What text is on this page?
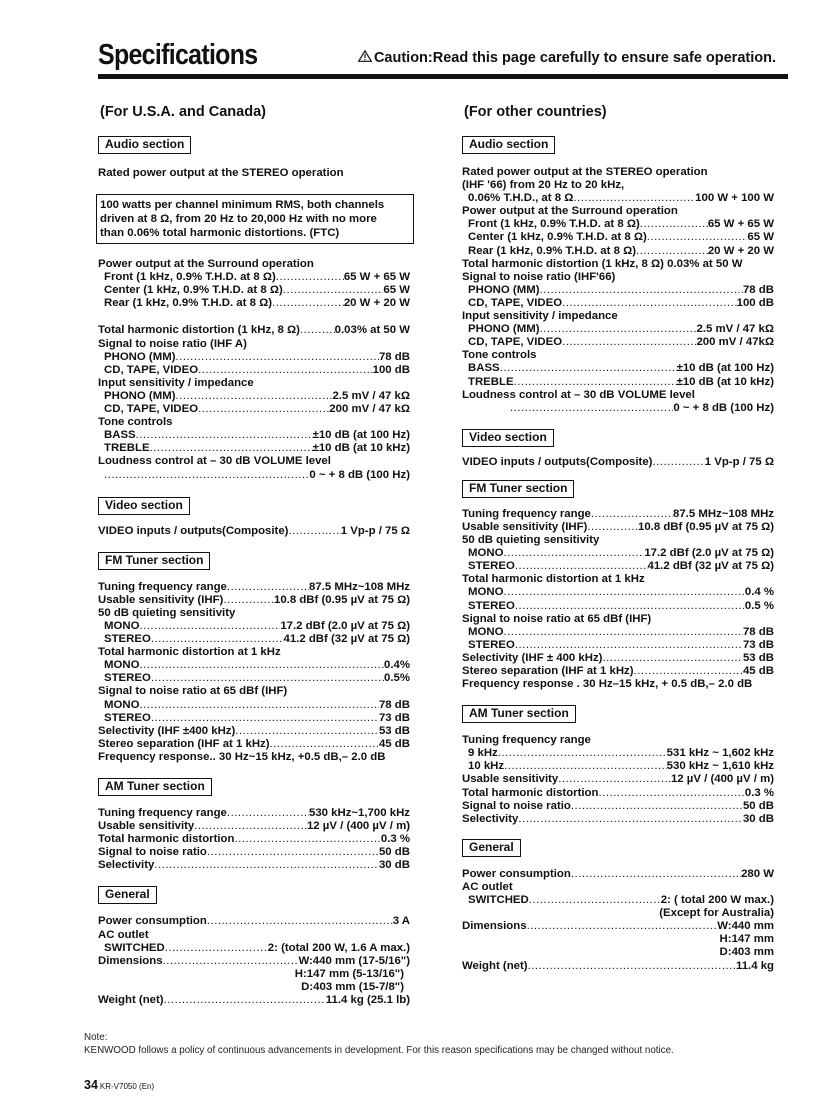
Specifications	Caution:Read this page carefully to ensure safe operation.
(For U.S.A. and Canada)
Audio section
Rated power output at the STEREO operation
100 watts per channel minimum RMS, both channels
driven at 8 Ω, from 20 Hz to 20,000 Hz with no more
than 0.06% total harmonic distortions. (FTC)
Power output at the Surround operation
Front (1 kHz, 0.9% T.H.D. at 8 Ω) .....	65 W + 65 W
Center (1 kHz, 0.9% T.H.D. at 8 Ω) .....	65 W
Rear (1 kHz, 0.9% T.H.D. at 8 Ω) .....	20 W + 20 W
Total harmonic distortion (1 kHz, 8 Ω) .....	0.03% at 50 W
Signal to noise ratio (IHF A)
PHONO (MM) .....	78 dB
CD, TAPE, VIDEO .....	100 dB
Input sensitivity / impedance
PHONO (MM) .....	2.5 mV / 47 kΩ
CD, TAPE, VIDEO .....	200 mV / 47 kΩ
Tone controls
BASS .....	±10 dB (at 100 Hz)
TREBLE .....	±10 dB (at 10 kHz)
Loudness control at – 30 dB VOLUME level
.....
0 ~ + 8 dB (100 Hz)
Video section
VIDEO inputs / outputs(Composite) .....	1 Vp-p / 75 Ω
FM Tuner section
Tuning frequency range .....	87.5 MHz~108 MHz
Usable sensitivity (IHF) .....	10.8 dBf (0.95 µV at 75 Ω)
50 dB quieting sensitivity
MONO .....	17.2 dBf (2.0 µV at 75 Ω)
STEREO .....	41.2 dBf (32 µV at 75 Ω)
Total harmonic distortion at 1 kHz
MONO .....	0.4%
STEREO .....	0.5%
Signal to noise ratio at 65 dBf (IHF)
MONO .....	78 dB
STEREO .....	73 dB
Selectivity (IHF ±400 kHz) .....	53 dB
Stereo separation (IHF at 1 kHz) .....	45 dB
Frequency response .. 30 Hz~15 kHz, +0.5 dB,– 2.0 dB
AM Tuner section
Tuning frequency range .....	530 kHz~1,700 kHz
Usable sensitivity .....	12 µV / (400 µV / m)
Total harmonic distortion .....	0.3 %
Signal to noise ratio .....	50 dB
Selectivity .....	30 dB
General
Power consumption .....	3 A
AC outlet
SWITCHED .....	2: (total 200 W, 1.6 A max.)
Dimensions .....	W:440 mm (17-5/16")
H:147 mm (5-13/16")
D:403 mm (15-7/8")
Weight (net) .....	11.4 kg (25.1 lb)
(For other countries)
Audio section
Rated power output at the STEREO operation
(IHF '66) from 20 Hz to 20 kHz,
0.06% T.H.D., at 8 Ω .....	100 W + 100 W
Power output at the Surround operation
Front (1 kHz, 0.9% T.H.D. at 8 Ω) .....	65 W + 65 W
Center (1 kHz, 0.9% T.H.D. at 8 Ω) .....	65 W
Rear (1 kHz, 0.9% T.H.D. at 8 Ω) .....	20 W + 20 W
Total harmonic distortion (1 kHz, 8 Ω) 0.03% at 50 W
Signal to noise ratio (IHF'66)
PHONO (MM) .....	78 dB
CD, TAPE, VIDEO .....	100 dB
Input sensitivity / impedance
PHONO (MM) .....	2.5 mV / 47 kΩ
CD, TAPE, VIDEO .....	200 mV / 47kΩ
Tone controls
BASS .....	±10 dB (at 100 Hz)
TREBLE .....	±10 dB (at 10 kHz)
Loudness control at – 30 dB VOLUME level
.....
0 ~ + 8 dB (100 Hz)
Video section
VIDEO inputs / outputs(Composite) .....	1 Vp-p / 75 Ω
FM Tuner section
Tuning frequency range .....	87.5 MHz~108 MHz
Usable sensitivity (IHF) .....	10.8 dBf (0.95 µV at 75 Ω)
50 dB quieting sensitivity
MONO .....	17.2 dBf (2.0 µV at 75 Ω)
STEREO .....	41.2 dBf (32 µV at 75 Ω)
Total harmonic distortion at 1 kHz
MONO .....	0.4 %
STEREO .....	0.5 %
Signal to noise ratio at 65 dBf (IHF)
MONO .....	78 dB
STEREO .....	73 dB
Selectivity (IHF ± 400 kHz) .....	53 dB
Stereo separation (IHF at 1 kHz) .....	45 dB
Frequency response . 30 Hz–15 kHz, + 0.5 dB,– 2.0 dB
AM Tuner section
Tuning frequency range
9 kHz .....	531 kHz ~ 1,602 kHz
10 kHz .....	530 kHz ~ 1,610 kHz
Usable sensitivity .....	12 µV / (400 µV / m)
Total harmonic distortion .....	0.3 %
Signal to noise ratio .....	50 dB
Selectivity .....	30 dB
General
Power consumption .....	280 W
AC outlet
SWITCHED .....	2: ( total 200 W max.)
(Except for Australia)
Dimensions .....	W:440 mm
H:147 mm
D:403 mm
Weight (net) .....	11.4 kg
Note:
KENWOOD follows a policy of continuous advancements in development. For this reason specifications may be changed without notice.
34 KR-V7050 (En)
